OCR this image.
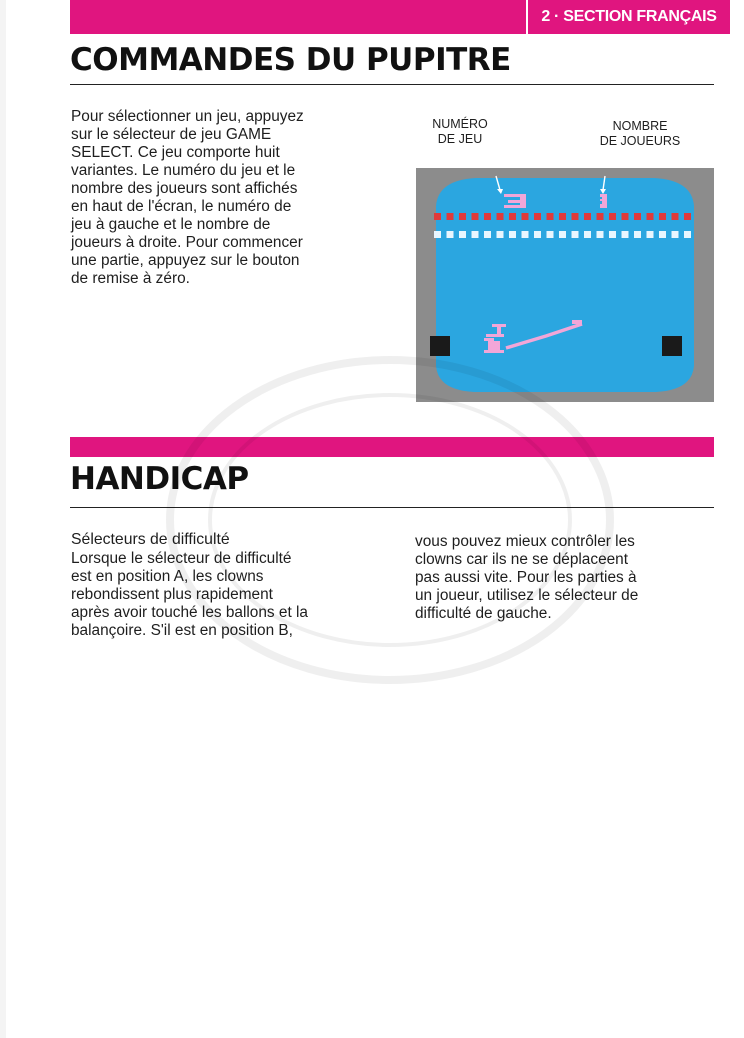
2 · SECTION FRANÇAIS
COMMANDES DU PUPITRE

Pour sélectionner un jeu, appuyez

sur le sélecteur de jeu GAME

SELECT. Ce jeu comporte huit

variantes. Le numéro du jeu et le

nombre des joueurs sont affichés

en haut de l'écran, le numéro de

jeu à gauche et le nombre de

joueurs à droite. Pour commencer

une partie, appuyez sur le bouton

de remise à zéro.

NUMÉRO
DE JEU
NOMBRE
DE JOUEURS
HANDICAP

Sélecteurs de difficulté

Lorsque le sélecteur de difficulté

est en position A, les clowns

rebondissent plus rapidement

après avoir touché les ballons et la

balançoire. S'il est en position B,

vous pouvez mieux contrôler les

clowns car ils ne se déplaceent

pas aussi vite. Pour les parties à

un joueur, utilisez le sélecteur de

difficulté de gauche.
